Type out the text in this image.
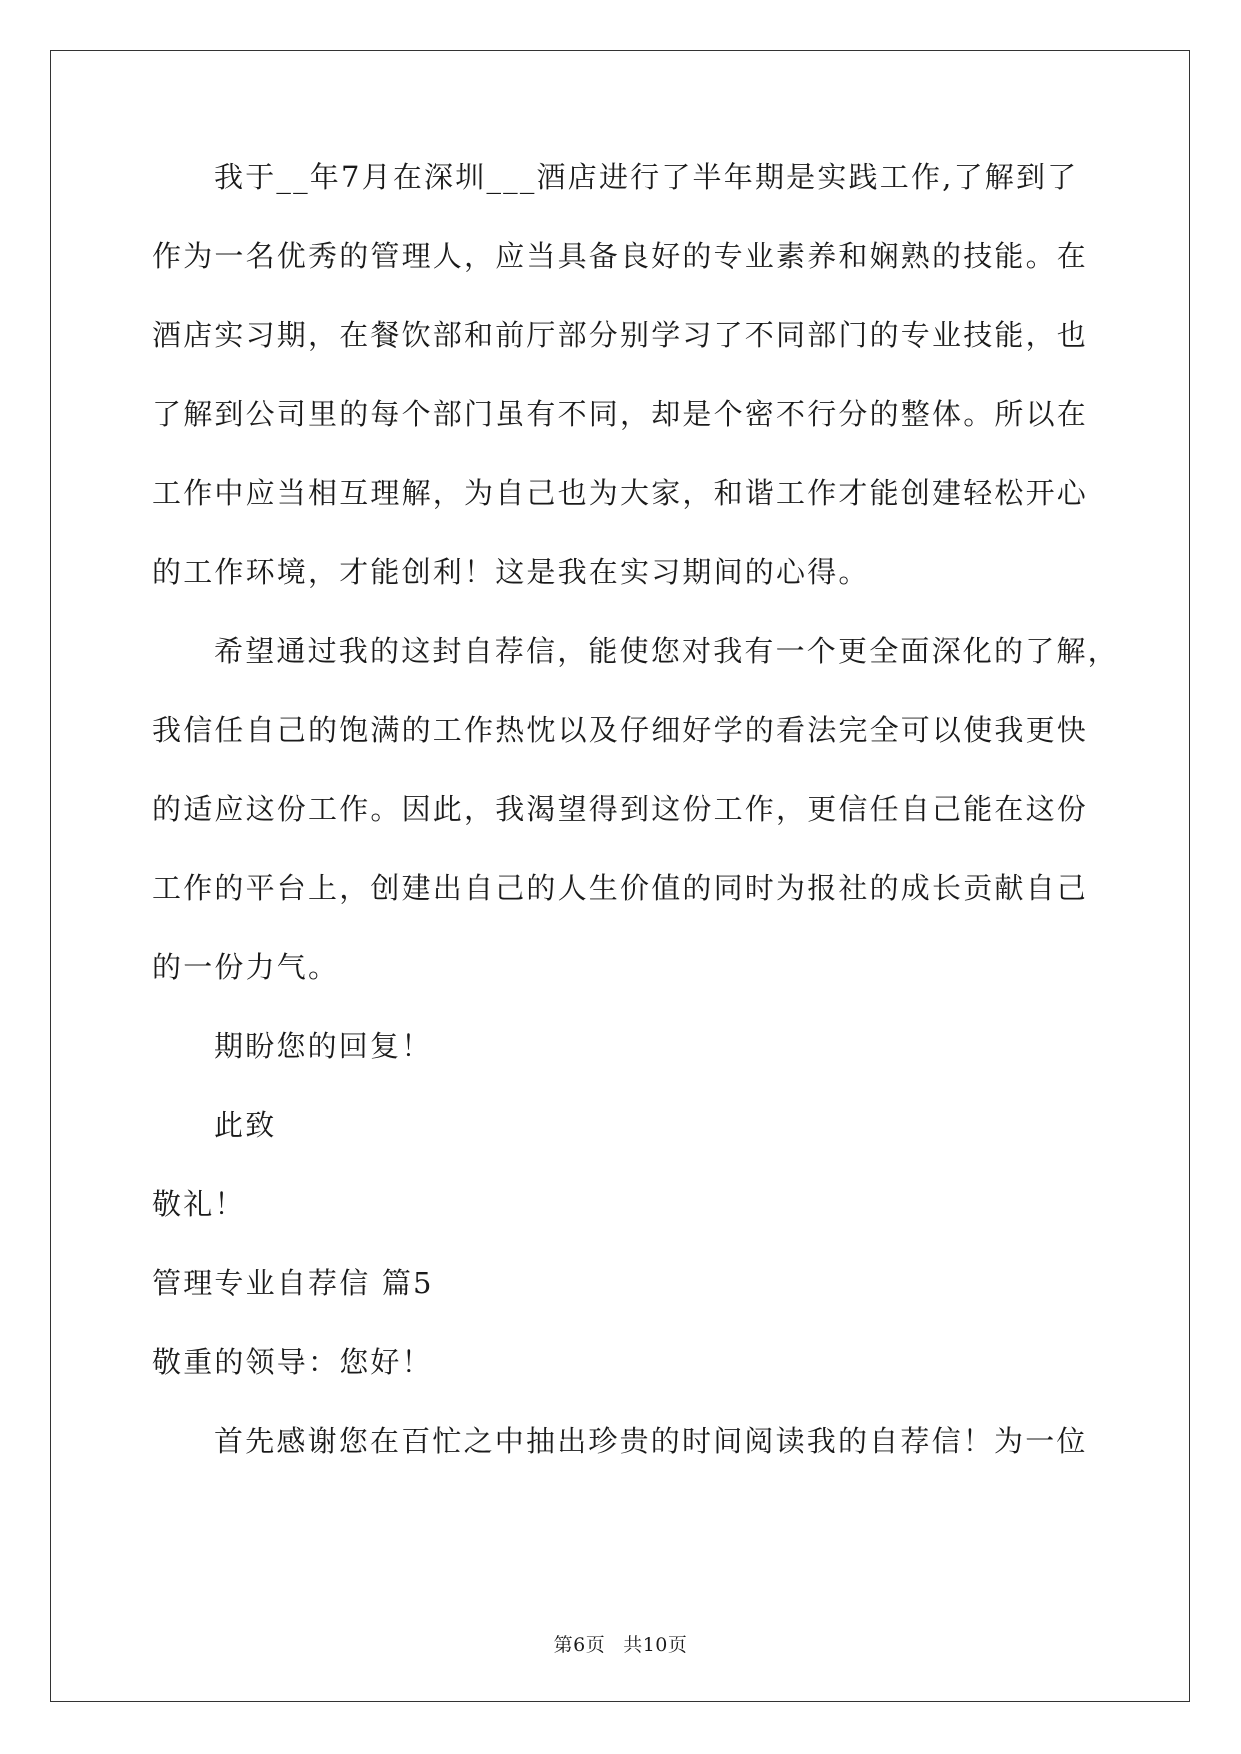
我于__年7月在深圳___酒店进行了半年期是实践工作,了解到了
作为一名优秀的管理人，应当具备良好的专业素养和娴熟的技能。在
酒店实习期，在餐饮部和前厅部分别学习了不同部门的专业技能，也
了解到公司里的每个部门虽有不同，却是个密不行分的整体。所以在
工作中应当相互理解，为自己也为大家，和谐工作才能创建轻松开心
的工作环境，才能创利！这是我在实习期间的心得。
希望通过我的这封自荐信，能使您对我有一个更全面深化的了解，
我信任自己的饱满的工作热忱以及仔细好学的看法完全可以使我更快
的适应这份工作。因此，我渴望得到这份工作，更信任自己能在这份
工作的平台上，创建出自己的人生价值的同时为报社的成长贡献自己
的一份力气。
期盼您的回复！
此致
敬礼！
管理专业自荐信 篇5
敬重的领导：您好！
首先感谢您在百忙之中抽出珍贵的时间阅读我的自荐信！为一位
第6页 共10页
